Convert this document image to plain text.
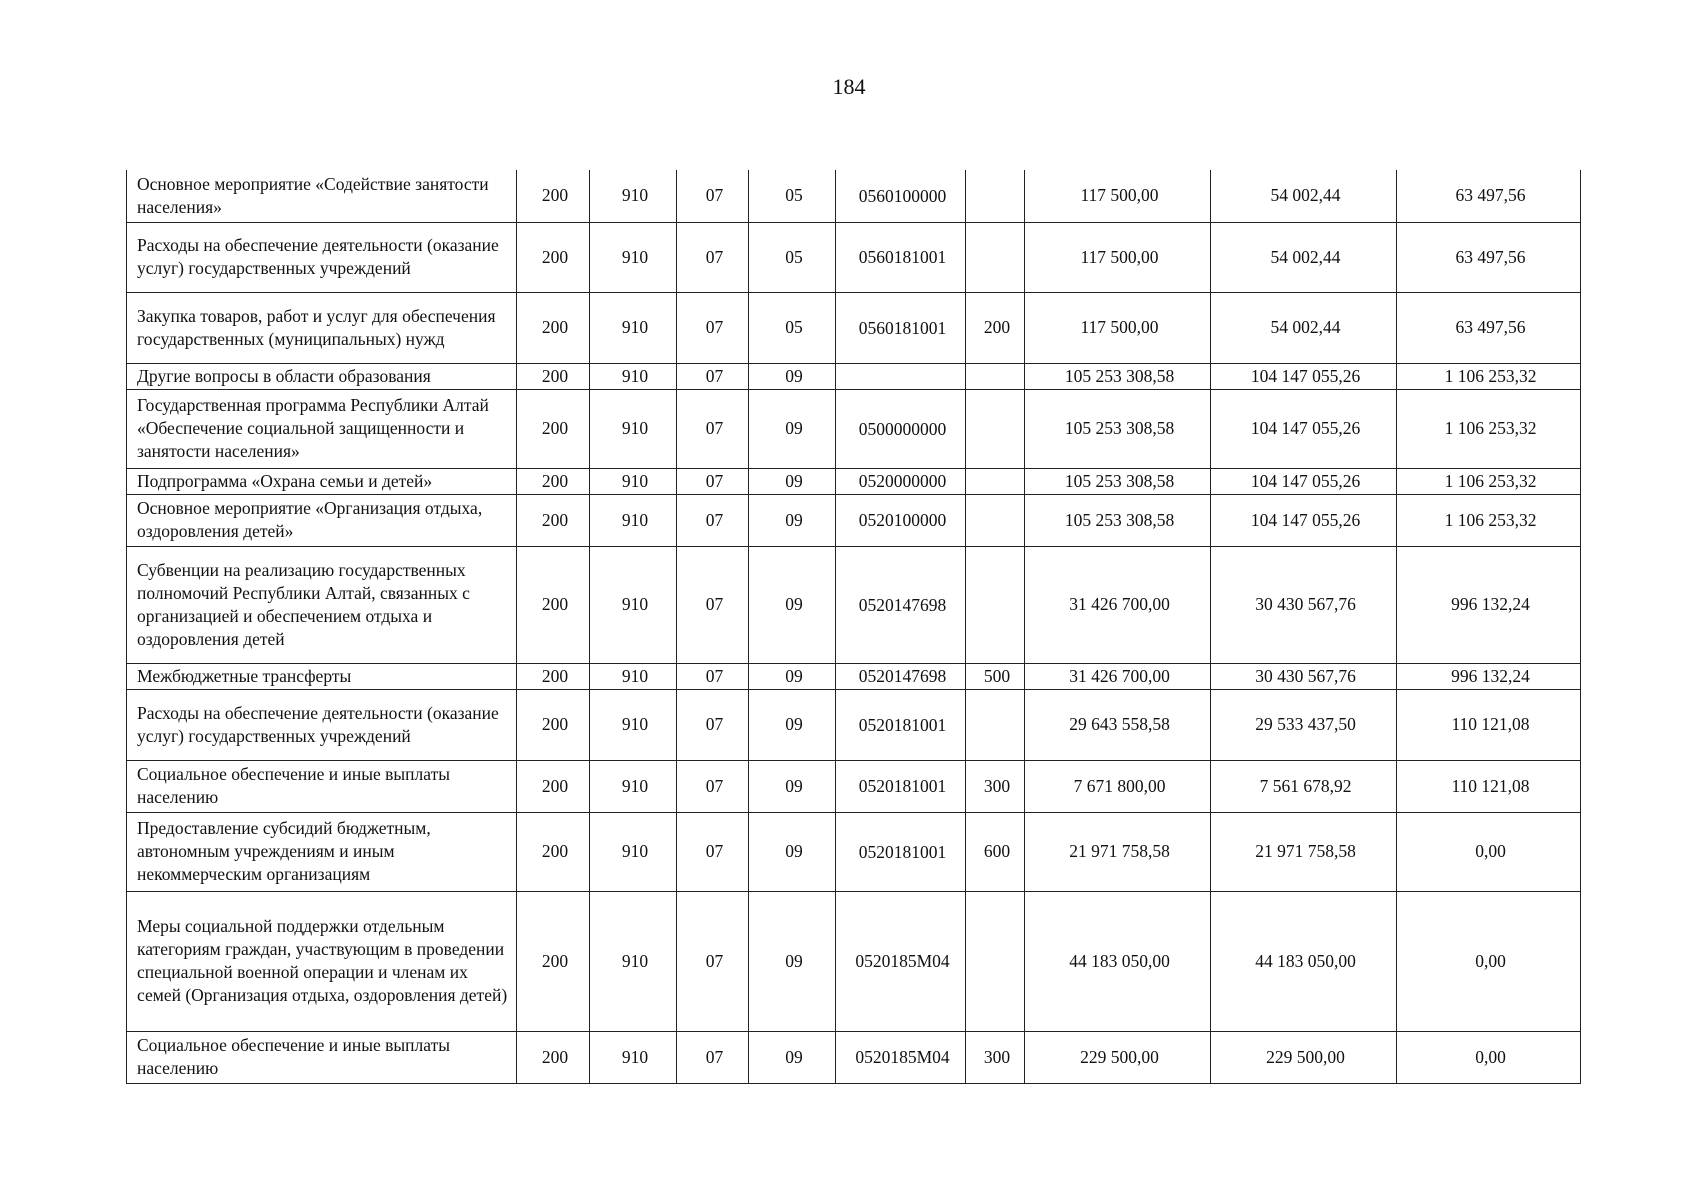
184
Основное мероприятие «Содействие занятости населения»	200	910	07	05	0560100000		117 500,00	54 002,44	63 497,56
Расходы на обеспечение деятельности (оказание услуг) государственных учреждений	200	910	07	05	0560181001		117 500,00	54 002,44	63 497,56
Закупка товаров, работ и услуг для обеспечения государственных (муниципальных) нужд	200	910	07	05	0560181001	200	117 500,00	54 002,44	63 497,56
Другие вопросы в области образования	200	910	07	09			105 253 308,58	104 147 055,26	1 106 253,32
Государственная программа Республики Алтай «Обеспечение социальной защищенности и занятости населения»	200	910	07	09	0500000000		105 253 308,58	104 147 055,26	1 106 253,32
Подпрограмма «Охрана семьи и детей»	200	910	07	09	0520000000		105 253 308,58	104 147 055,26	1 106 253,32
Основное мероприятие «Организация отдыха, оздоровления детей»	200	910	07	09	0520100000		105 253 308,58	104 147 055,26	1 106 253,32
Субвенции на реализацию государственных полномочий Республики Алтай, связанных с организацией и обеспечением отдыха и оздоровления детей	200	910	07	09	0520147698		31 426 700,00	30 430 567,76	996 132,24
Межбюджетные трансферты	200	910	07	09	0520147698	500	31 426 700,00	30 430 567,76	996 132,24
Расходы на обеспечение деятельности (оказание услуг) государственных учреждений	200	910	07	09	0520181001		29 643 558,58	29 533 437,50	110 121,08
Социальное обеспечение и иные выплаты населению	200	910	07	09	0520181001	300	7 671 800,00	7 561 678,92	110 121,08
Предоставление субсидий бюджетным, автономным учреждениям и иным некоммерческим организациям	200	910	07	09	0520181001	600	21 971 758,58	21 971 758,58	0,00
Меры социальной поддержки отдельным категориям граждан, участвующим в проведении специальной военной операции и членам их семей (Организация отдыха, оздоровления детей)	200	910	07	09	0520185М04		44 183 050,00	44 183 050,00	0,00
Социальное обеспечение и иные выплаты населению	200	910	07	09	0520185М04	300	229 500,00	229 500,00	0,00
